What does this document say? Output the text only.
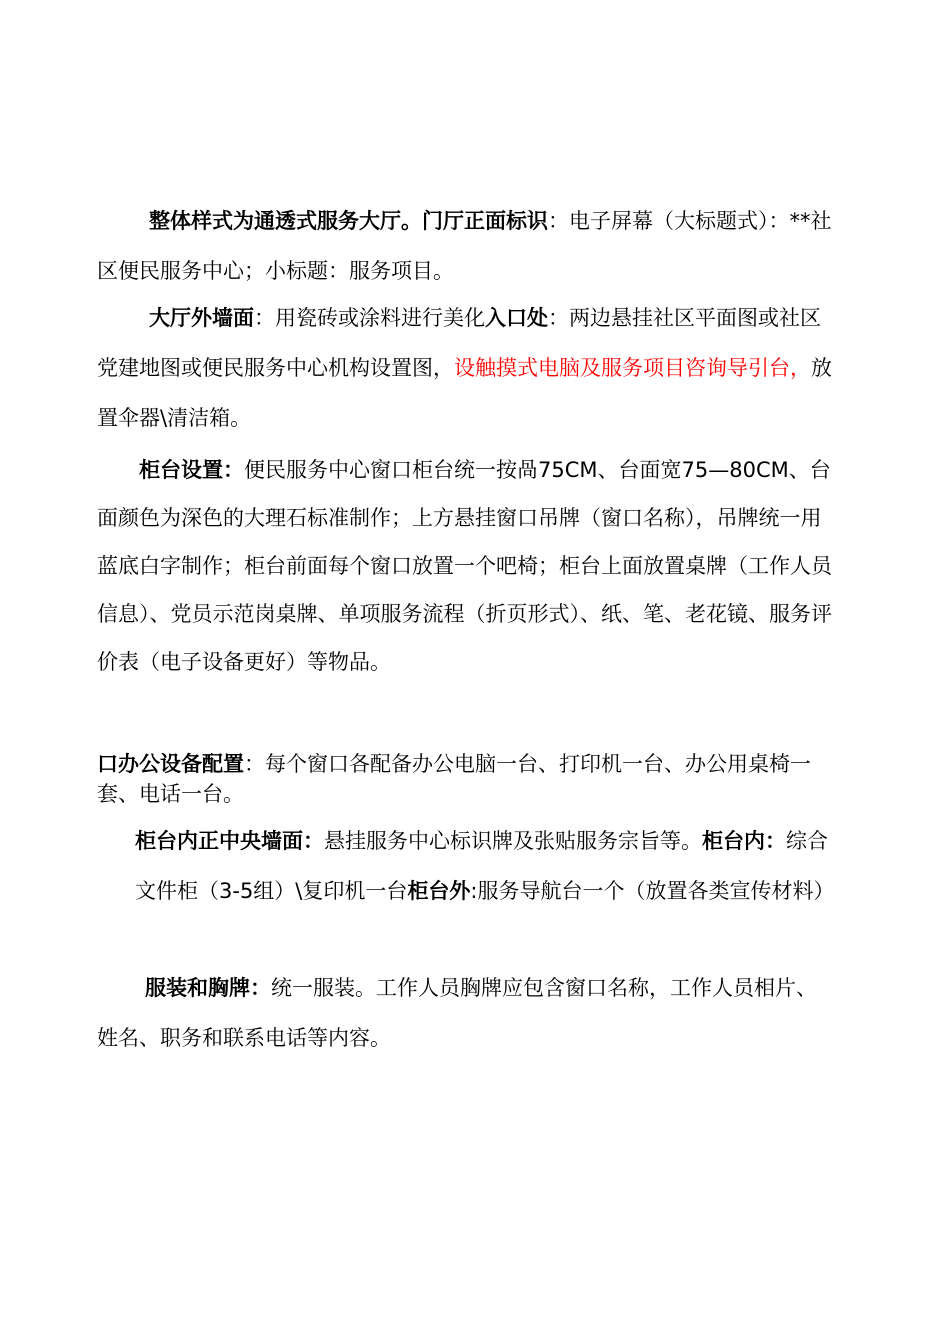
整体样式为通透式服务大厅。门厅正面标识：电子屏幕（大标题式）：**社区便民服务中心；小标题：服务项目。

大厅外墙面：用瓷砖或涂料进行美化入口处：两边悬挂社区平面图或社区党建地图或便民服务中心机构设置图，设触摸式电脑及服务项目咨询导引台，放置伞器\清洁箱。

柜台设置：便民服务中心窗口柜台统一按咼75CM、台面宽75—80CM、台面颜色为深色的大理石标准制作；上方悬挂窗口吊牌（窗口名称），吊牌统一用蓝底白字制作；柜台前面每个窗口放置一个吧椅；柜台上面放置桌牌（工作人员信息）、党员示范岗桌牌、单项服务流程（折页形式）、纸、笔、老花镜、服务评价表（电子设备更好）等物品。

口办公设备配置：每个窗口各配备办公电脑一台、打印机一台、办公用桌椅一套、电话一台。

柜台内正中央墙面：悬挂服务中心标识牌及张贴服务宗旨等。柜台内：综合文件柜（3-5组）\复印机一台柜台外:服务导航台一个（放置各类宣传材料）

服装和胸牌：统一服装。工作人员胸牌应包含窗口名称，工作人员相片、姓名、职务和联系电话等内容。
